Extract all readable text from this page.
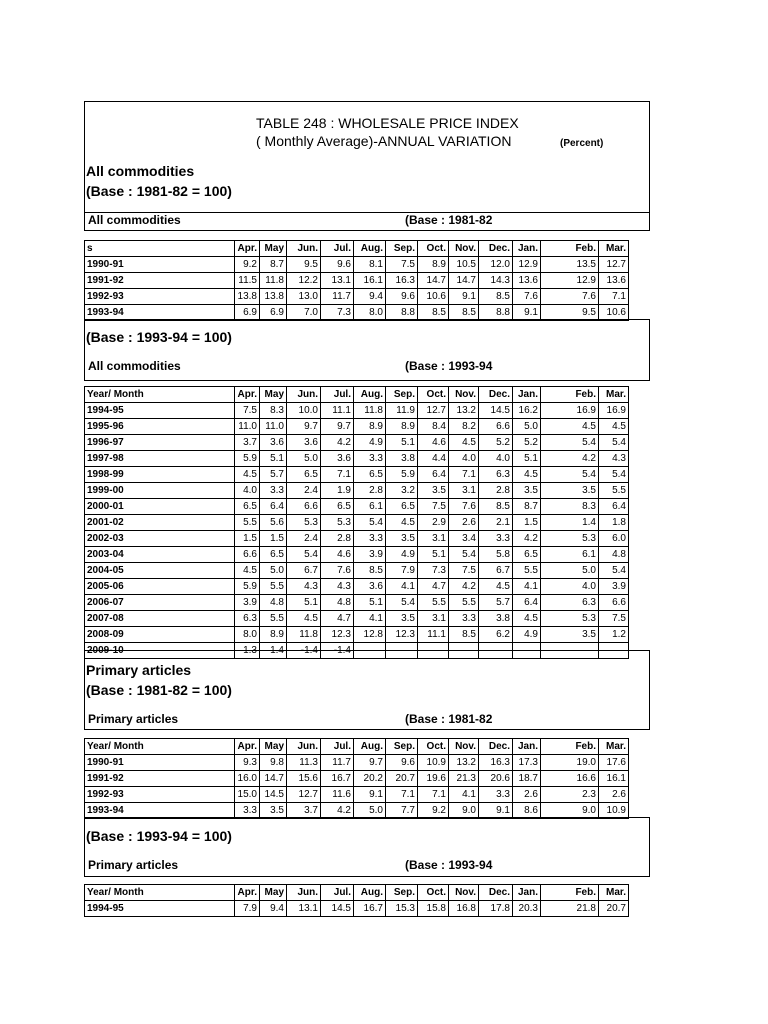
TABLE 248 : WHOLESALE PRICE INDEX
( Monthly Average)-ANNUAL VARIATION	(Percent)
All commodities
(Base : 1981-82 = 100)
All commodities	(Base : 1981-82
s	Apr.	May	Jun.	Jul.	Aug.	Sep.	Oct.	Nov.	Dec.	Jan.	Feb.	Mar.
1990-91	9.2	8.7	9.5	9.6	8.1	7.5	8.9	10.5	12.0	12.9	13.5	12.7
1991-92	11.5	11.8	12.2	13.1	16.1	16.3	14.7	14.7	14.3	13.6	12.9	13.6
1992-93	13.8	13.8	13.0	11.7	9.4	9.6	10.6	9.1	8.5	7.6	7.6	7.1
1993-94	6.9	6.9	7.0	7.3	8.0	8.8	8.5	8.5	8.8	9.1	9.5	10.6
(Base : 1993-94 = 100)
All commodities	(Base : 1993-94
Year/ Month	Apr.	May	Jun.	Jul.	Aug.	Sep.	Oct.	Nov.	Dec.	Jan.	Feb.	Mar.
1994-95	7.5	8.3	10.0	11.1	11.8	11.9	12.7	13.2	14.5	16.2	16.9	16.9
1995-96	11.0	11.0	9.7	9.7	8.9	8.9	8.4	8.2	6.6	5.0	4.5	4.5
1996-97	3.7	3.6	3.6	4.2	4.9	5.1	4.6	4.5	5.2	5.2	5.4	5.4
1997-98	5.9	5.1	5.0	3.6	3.3	3.8	4.4	4.0	4.0	5.1	4.2	4.3
1998-99	4.5	5.7	6.5	7.1	6.5	5.9	6.4	7.1	6.3	4.5	5.4	5.4
1999-00	4.0	3.3	2.4	1.9	2.8	3.2	3.5	3.1	2.8	3.5	3.5	5.5
2000-01	6.5	6.4	6.6	6.5	6.1	6.5	7.5	7.6	8.5	8.7	8.3	6.4
2001-02	5.5	5.6	5.3	5.3	5.4	4.5	2.9	2.6	2.1	1.5	1.4	1.8
2002-03	1.5	1.5	2.4	2.8	3.3	3.5	3.1	3.4	3.3	4.2	5.3	6.0
2003-04	6.6	6.5	5.4	4.6	3.9	4.9	5.1	5.4	5.8	6.5	6.1	4.8
2004-05	4.5	5.0	6.7	7.6	8.5	7.9	7.3	7.5	6.7	5.5	5.0	5.4
2005-06	5.9	5.5	4.3	4.3	3.6	4.1	4.7	4.2	4.5	4.1	4.0	3.9
2006-07	3.9	4.8	5.1	4.8	5.1	5.4	5.5	5.5	5.7	6.4	6.3	6.6
2007-08	6.3	5.5	4.5	4.7	4.1	3.5	3.1	3.3	3.8	4.5	5.3	7.5
2008-09	8.0	8.9	11.8	12.3	12.8	12.3	11.1	8.5	6.2	4.9	3.5	1.2
2009-10	1.3	1.4	-1.4	-1.4								
Primary articles
(Base : 1981-82 = 100)
Primary articles	(Base : 1981-82
Year/ Month	Apr.	May	Jun.	Jul.	Aug.	Sep.	Oct.	Nov.	Dec.	Jan.	Feb.	Mar.
1990-91	9.3	9.8	11.3	11.7	9.7	9.6	10.9	13.2	16.3	17.3	19.0	17.6
1991-92	16.0	14.7	15.6	16.7	20.2	20.7	19.6	21.3	20.6	18.7	16.6	16.1
1992-93	15.0	14.5	12.7	11.6	9.1	7.1	7.1	4.1	3.3	2.6	2.3	2.6
1993-94	3.3	3.5	3.7	4.2	5.0	7.7	9.2	9.0	9.1	8.6	9.0	10.9
(Base : 1993-94 = 100)
Primary articles	(Base : 1993-94
Year/ Month	Apr.	May	Jun.	Jul.	Aug.	Sep.	Oct.	Nov.	Dec.	Jan.	Feb.	Mar.
1994-95	7.9	9.4	13.1	14.5	16.7	15.3	15.8	16.8	17.8	20.3	21.8	20.7
